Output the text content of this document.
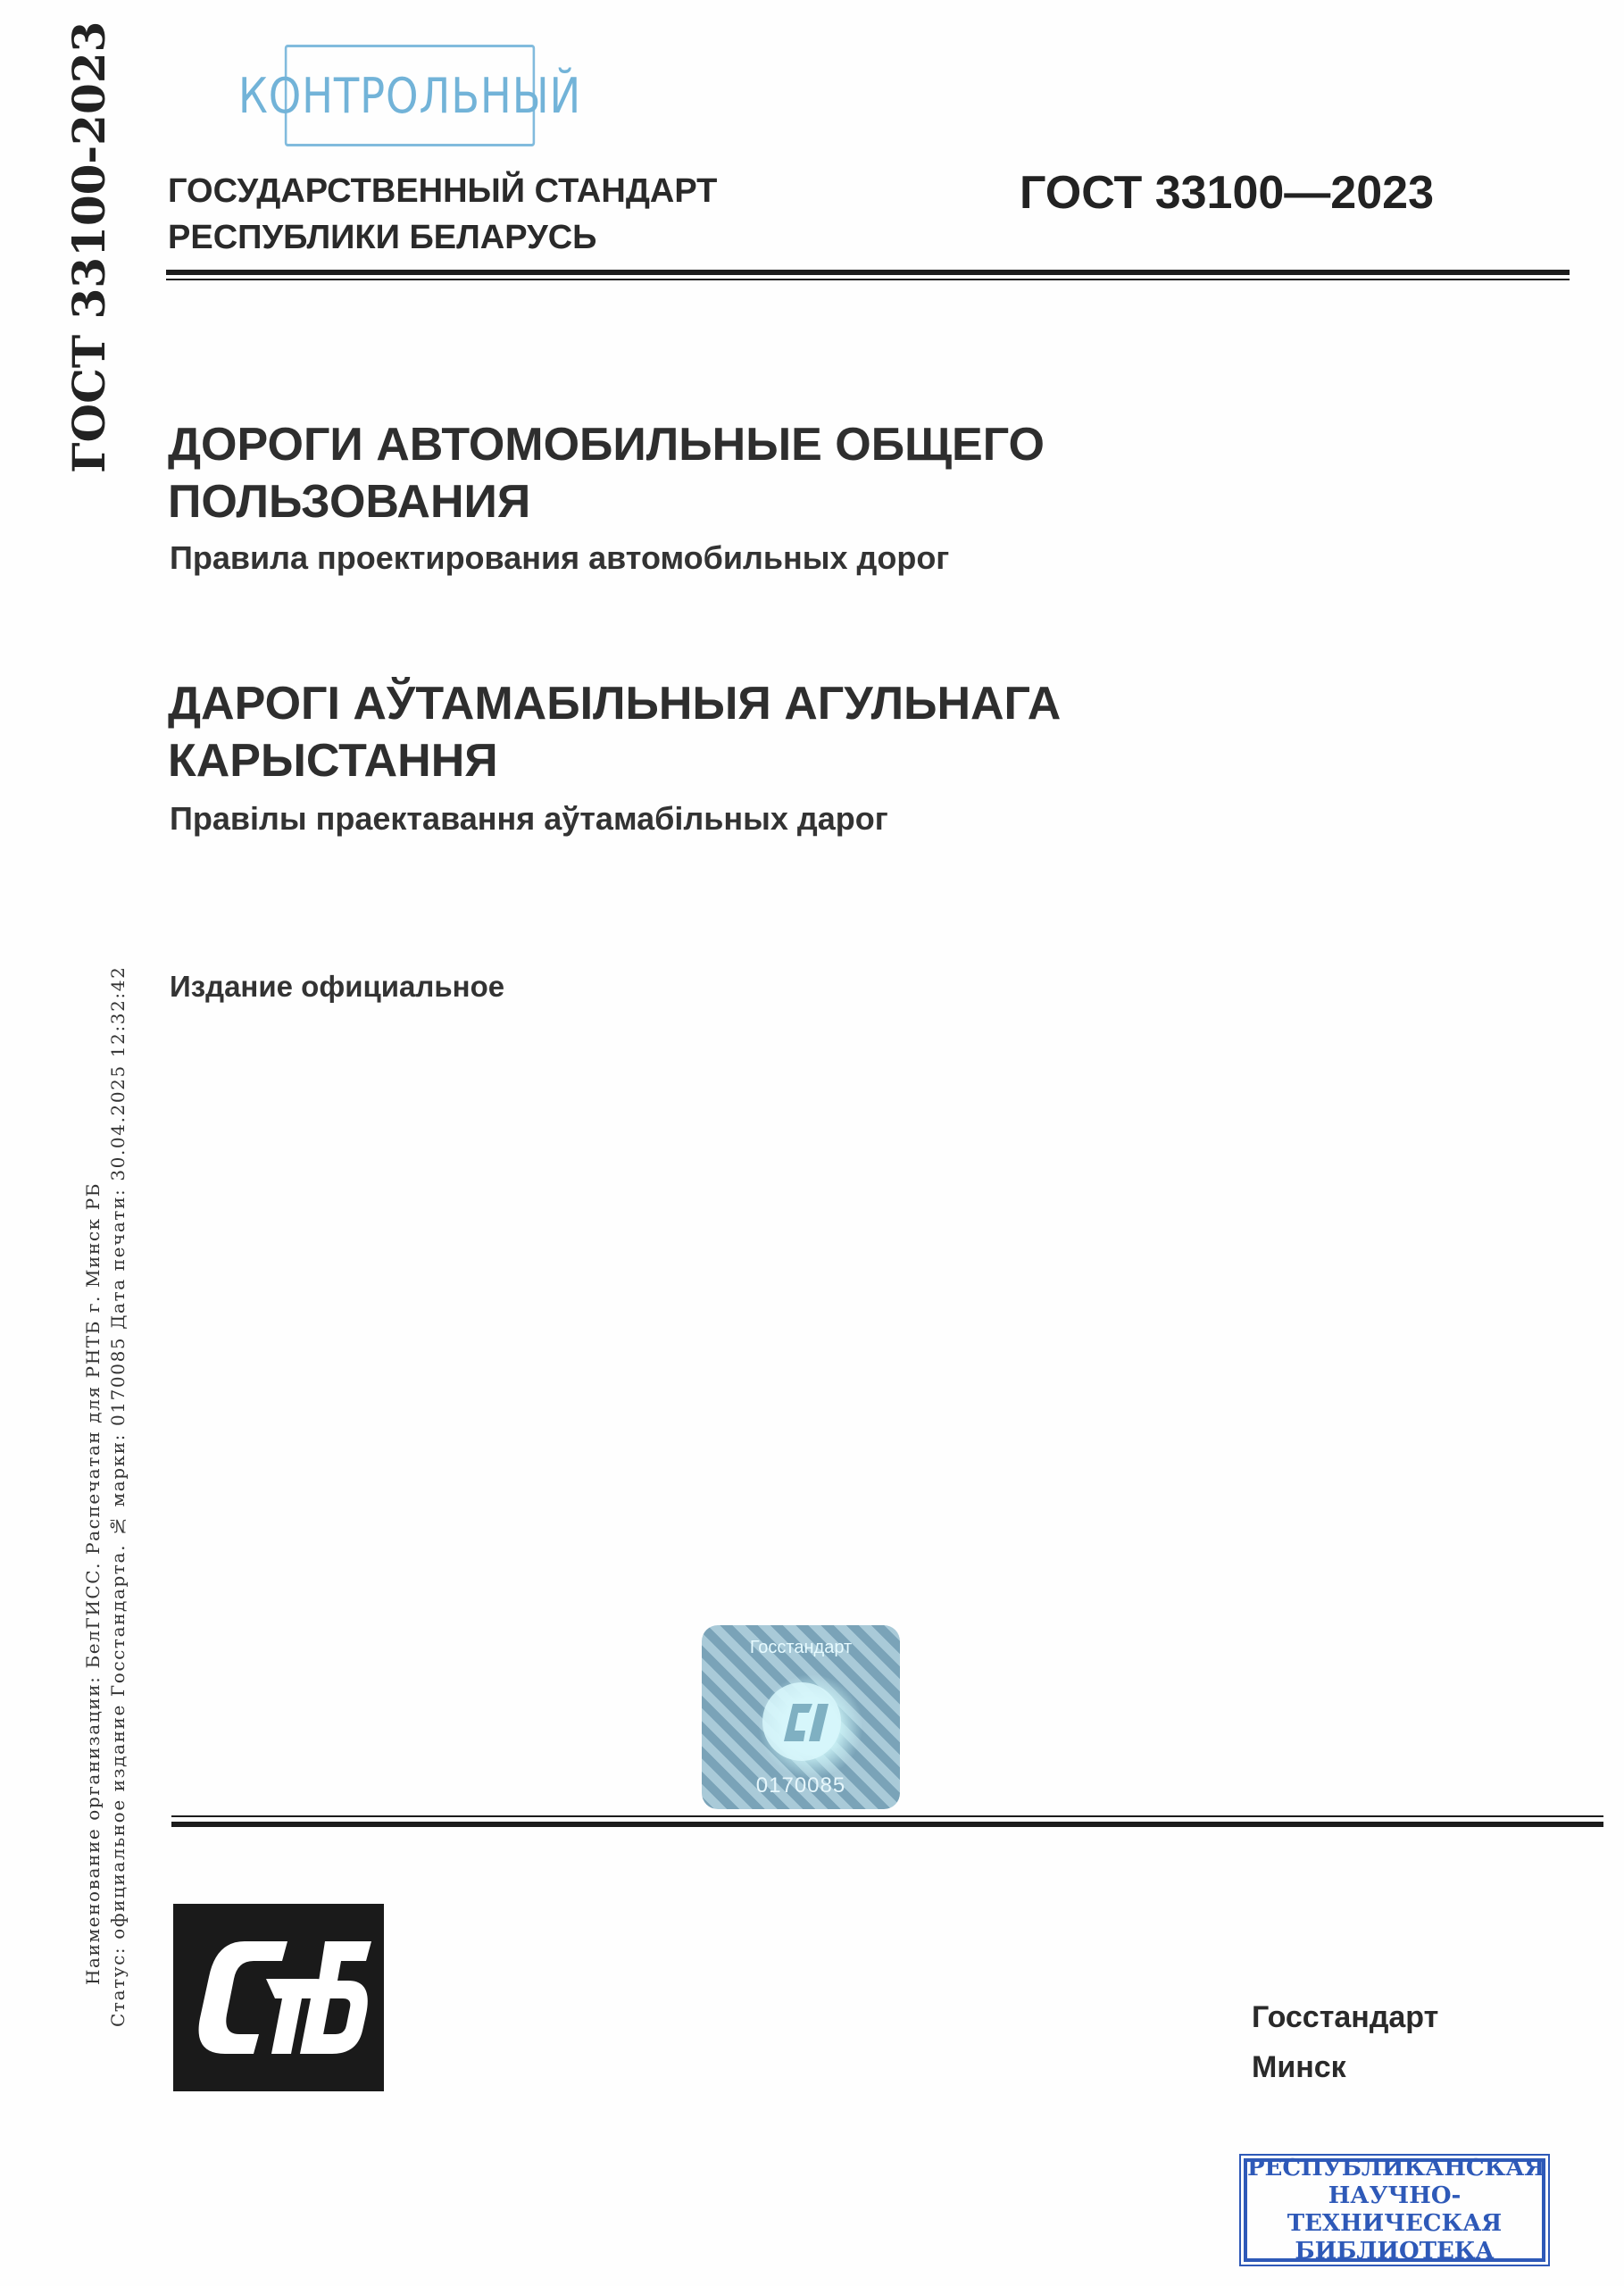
КОНТРОЛЬНЫЙ
ГОСТ 33100-2023
Наименование организации: БелГИСС. Распечатан для РНТБ г. Минск РБ Статус: официальное издание Госстандарта. № марки: 0170085 Дата печати: 30.04.2025 12:32:42
ГОСУДАРСТВЕННЫЙ СТАНДАРТ
РЕСПУБЛИКИ БЕЛАРУСЬ
ГОСТ 33100—2023
ДОРОГИ АВТОМОБИЛЬНЫЕ ОБЩЕГО
ПОЛЬЗОВАНИЯ
Правила проектирования автомобильных дорог
ДАРОГІ АЎТАМАБІЛЬНЫЯ АГУЛЬНАГА
КАРЫСТАННЯ
Правілы праектавання аўтамабільных дарог
Издание официальное
Госстандарт
0170085
Госстандарт
Минск
РЕСПУБЛИКАНСКАЯ
НАУЧНО-ТЕХНИЧЕСКАЯ
БИБЛИОТЕКА
